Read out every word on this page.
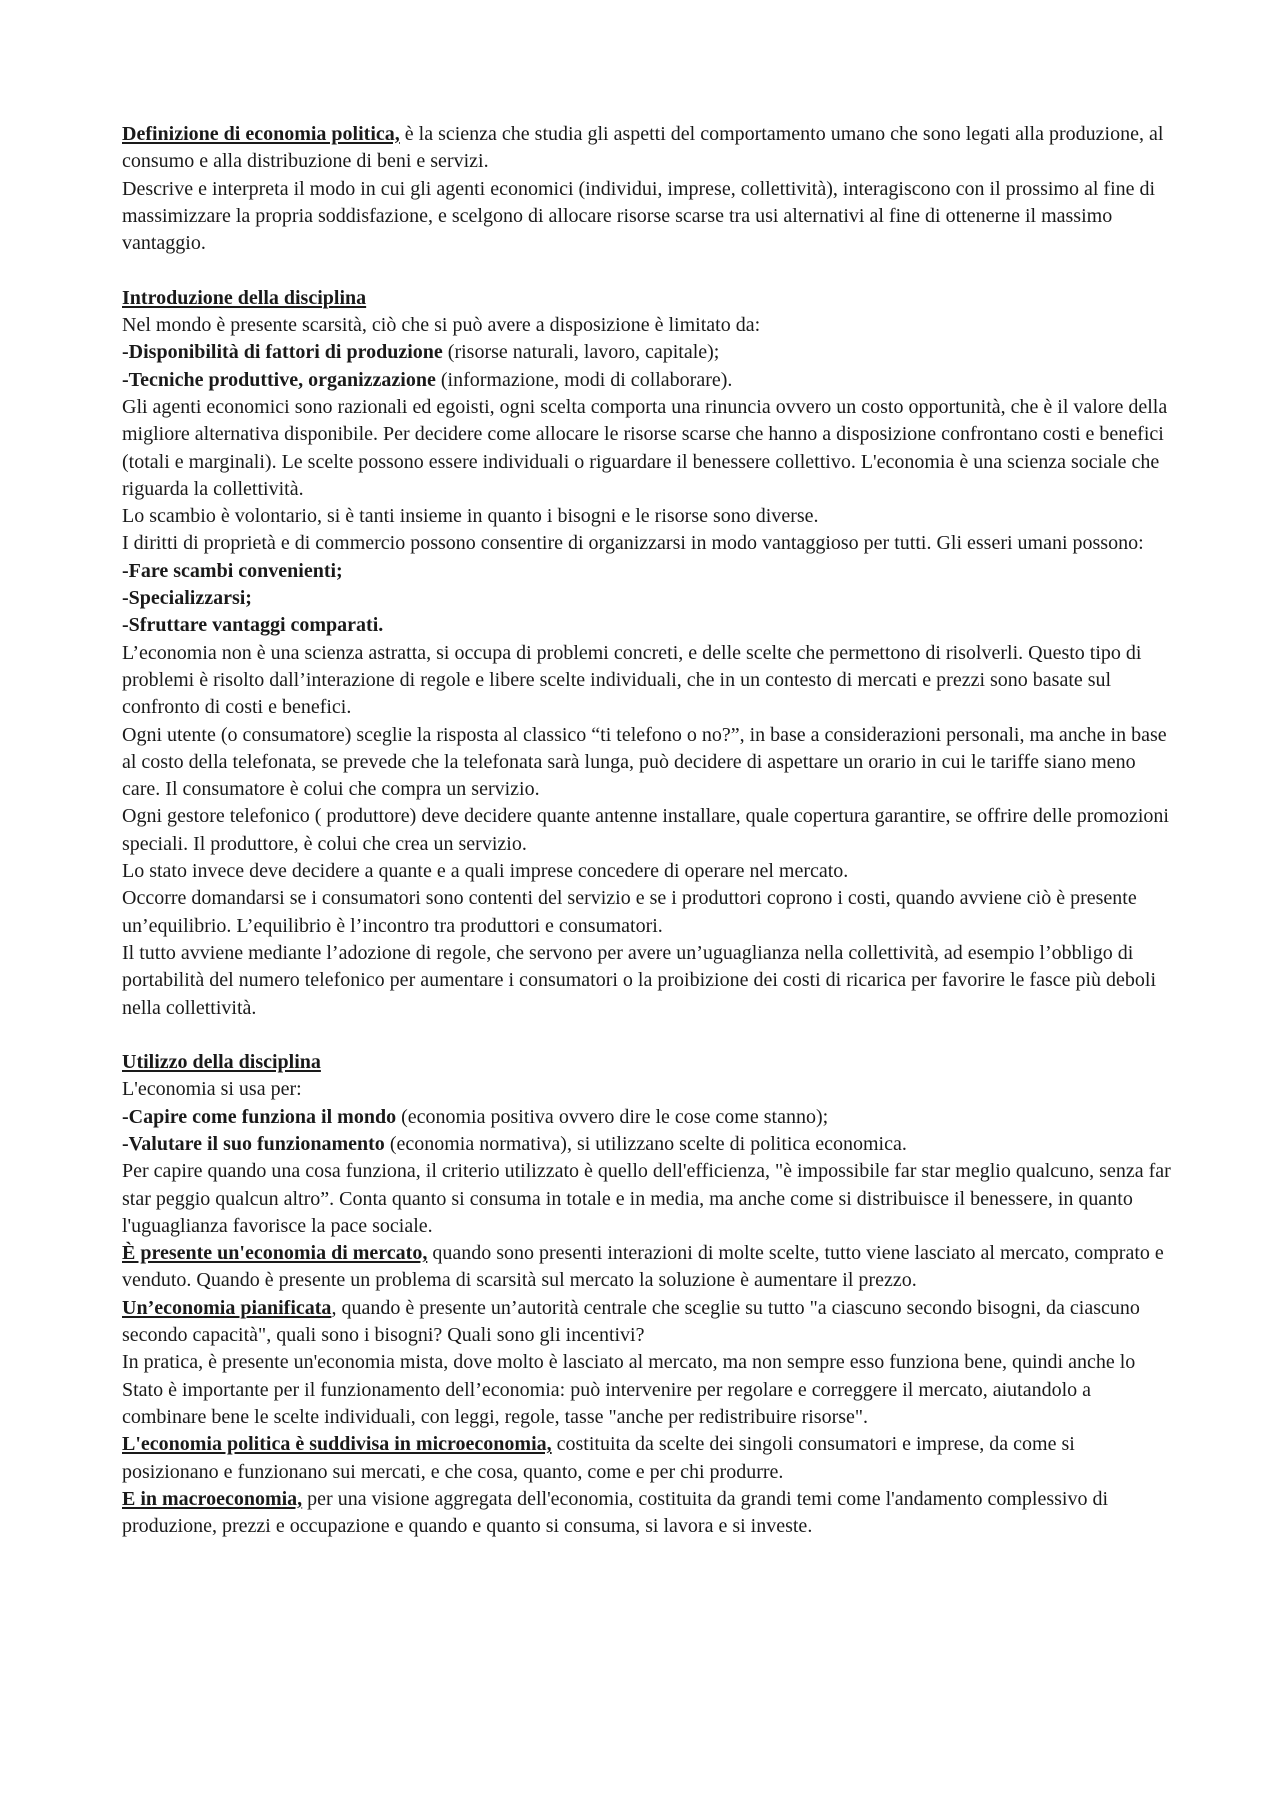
Definizione di economia politica, è la scienza che studia gli aspetti del comportamento umano che sono legati alla produzione, al consumo e alla distribuzione di beni e servizi.

Descrive e interpreta il modo in cui gli agenti economici (individui, imprese, collettività), interagiscono con il prossimo al fine di massimizzare la propria soddisfazione, e scelgono di allocare risorse scarse tra usi alternativi al fine di ottenerne il massimo vantaggio.

Introduzione della disciplina

Nel mondo è presente scarsità, ciò che si può avere a disposizione è limitato da:

-Disponibilità di fattori di produzione (risorse naturali, lavoro, capitale);

-Tecniche produttive, organizzazione (informazione, modi di collaborare).

Gli agenti economici sono razionali ed egoisti, ogni scelta comporta una rinuncia ovvero un costo opportunità, che è il valore della migliore alternativa disponibile. Per decidere come allocare le risorse scarse che hanno a disposizione confrontano costi e benefici (totali e marginali). Le scelte possono essere individuali o riguardare il benessere collettivo. L'economia è una scienza sociale che riguarda la collettività.

Lo scambio è volontario, si è tanti insieme in quanto i bisogni e le risorse sono diverse.

I diritti di proprietà e di commercio possono consentire di organizzarsi in modo vantaggioso per tutti. Gli esseri umani possono:

-Fare scambi convenienti;

-Specializzarsi;

-Sfruttare vantaggi comparati.

L’economia non è una scienza astratta, si occupa di problemi concreti, e delle scelte che permettono di risolverli. Questo tipo di problemi è risolto dall’interazione di regole e libere scelte individuali, che in un contesto di mercati e prezzi sono basate sul confronto di costi e benefici.

Ogni utente (o consumatore) sceglie la risposta al classico “ti telefono o no?”, in base a considerazioni personali, ma anche in base al costo della telefonata, se prevede che la telefonata sarà lunga, può decidere di aspettare un orario in cui le tariffe siano meno care. Il consumatore è colui che compra un servizio.

Ogni gestore telefonico ( produttore) deve decidere quante antenne installare, quale copertura garantire, se offrire delle promozioni speciali. Il produttore, è colui che crea un servizio.

Lo stato invece deve decidere a quante e a quali imprese concedere di operare nel mercato.

Occorre domandarsi se i consumatori sono contenti del servizio e se i produttori coprono i costi, quando avviene ciò è presente un’equilibrio. L’equilibrio è l’incontro tra produttori e consumatori.

Il tutto avviene mediante l’adozione di regole, che servono per avere un’uguaglianza nella collettività, ad esempio l’obbligo di portabilità del numero telefonico per aumentare i consumatori o la proibizione dei costi di ricarica per favorire le fasce più deboli nella collettività.

Utilizzo della disciplina

L'economia si usa per:

-Capire come funziona il mondo (economia positiva ovvero dire le cose come stanno);

-Valutare il suo funzionamento (economia normativa), si utilizzano scelte di politica economica.

Per capire quando una cosa funziona, il criterio utilizzato è quello dell'efficienza, "è impossibile far star meglio qualcuno, senza far star peggio qualcun altro”. Conta quanto si consuma in totale e in media, ma anche come si distribuisce il benessere, in quanto l'uguaglianza favorisce la pace sociale.

È presente un'economia di mercato, quando sono presenti interazioni di molte scelte, tutto viene lasciato al mercato, comprato e venduto. Quando è presente un problema di scarsità sul mercato la soluzione è aumentare il prezzo.

Un’economia pianificata, quando è presente un’autorità centrale che sceglie su tutto "a ciascuno secondo bisogni, da ciascuno secondo capacità", quali sono i bisogni? Quali sono gli incentivi?

In pratica, è presente un'economia mista, dove molto è lasciato al mercato, ma non sempre esso funziona bene, quindi anche lo Stato è importante per il funzionamento dell’economia: può intervenire per regolare e correggere il mercato, aiutandolo a combinare bene le scelte individuali, con leggi, regole, tasse "anche per redistribuire risorse".

L'economia politica è suddivisa in microeconomia, costituita da scelte dei singoli consumatori e imprese, da come si posizionano e funzionano sui mercati, e che cosa, quanto, come e per chi produrre.

E in macroeconomia, per una visione aggregata dell'economia, costituita da grandi temi come l'andamento complessivo di produzione, prezzi e occupazione e quando e quanto si consuma, si lavora e si investe.
